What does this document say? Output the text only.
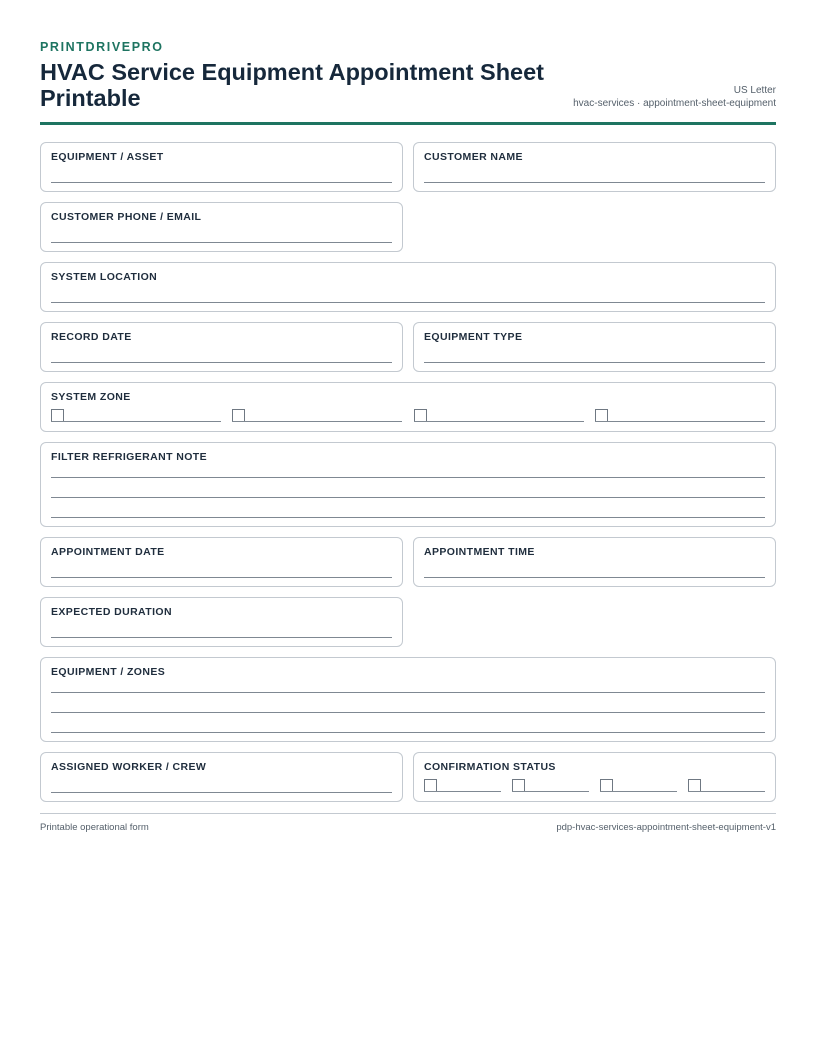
PRINTDRIVEPRO
HVAC Service Equipment Appointment Sheet Printable	US Letter
hvac-services · appointment-sheet-equipment
EQUIPMENT / ASSET	CUSTOMER NAME
CUSTOMER PHONE / EMAIL
SYSTEM LOCATION
RECORD DATE	EQUIPMENT TYPE
SYSTEM ZONE
FILTER REFRIGERANT NOTE
APPOINTMENT DATE	APPOINTMENT TIME
EXPECTED DURATION
EQUIPMENT / ZONES
ASSIGNED WORKER / CREW	CONFIRMATION STATUS
Printable operational form	pdp-hvac-services-appointment-sheet-equipment-v1
